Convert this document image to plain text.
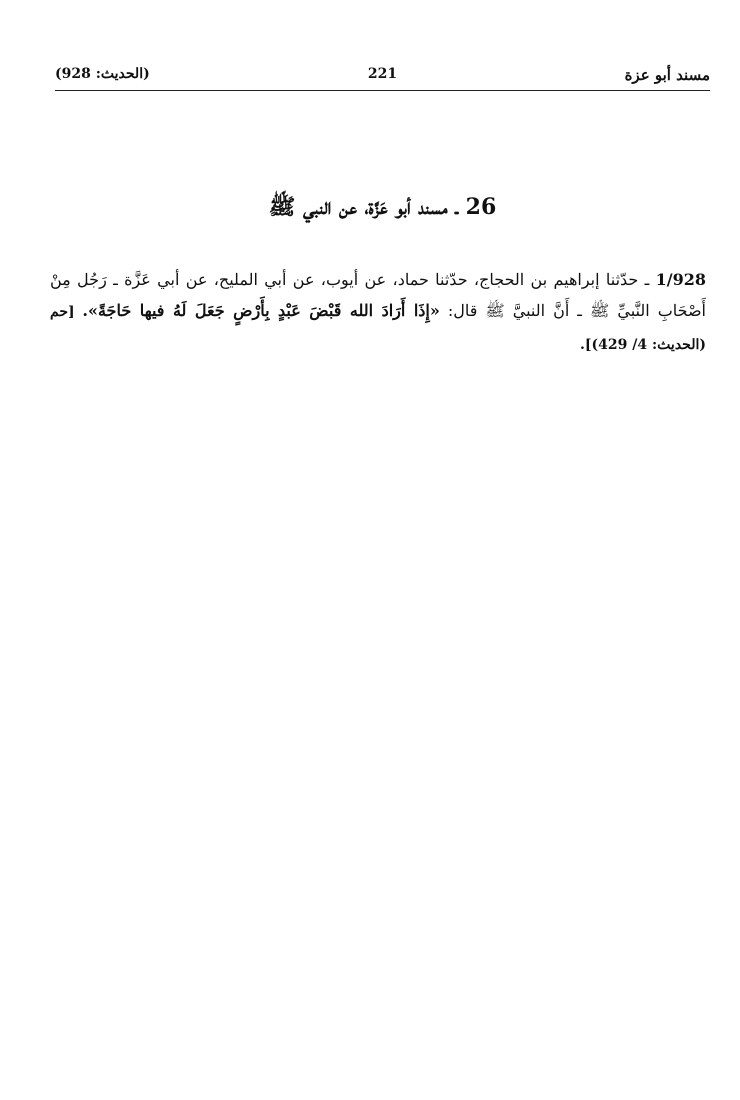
مسند أبو عزة
221
(الحديث: 928)
26 ـ مسند أبو عَزَّة، عن النبي ﷺ

1/928 ـ حدّثنا إبراهيم بن الحجاج، حدّثنا حماد، عن أيوب، عن أبي المليح، عن أبي عَزَّة ـ رَجُل مِنْ أَصْحَابِ النَّبيِّ ﷺ ـ أَنَّ النبيَّ ﷺ قال: «إِذَا أَرَادَ الله قَبْضَ عَبْدٍ بِأَرْضٍ جَعَلَ لَهُ فيها حَاجَةً». [حم (الحديث: 4/ 429)].
